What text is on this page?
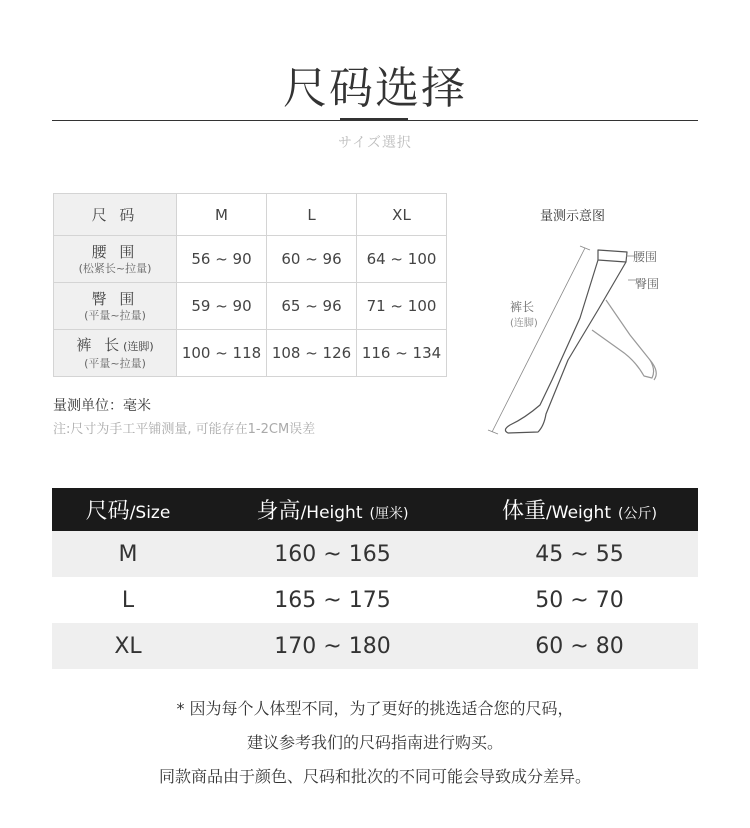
尺码选择
サイズ選択
尺 码	M	L	XL

腰 围
(松紧长~拉量)	56 ~ 90	60 ~ 96	64 ~ 100

臀 围
(平量~拉量)	59 ~ 90	65 ~ 96	71 ~ 100

裤 长(连脚)
(平量~拉量)	100 ~ 118	108 ~ 126	116 ~ 134
量测单位：毫米
注:尺寸为手工平铺测量, 可能存在1-2CM误差
量测示意图
腰围
臀围
裤长
(连脚)
尺码/Size	身高/Height (厘米)	体重/Weight (公斤)
M	160 ~ 165	45 ~ 55
L	165 ~ 175	50 ~ 70
XL	170 ~ 180	60 ~ 80
* 因为每个人体型不同，为了更好的挑选适合您的尺码，
建议参考我们的尺码指南进行购买。
同款商品由于颜色、尺码和批次的不同可能会导致成分差异。
